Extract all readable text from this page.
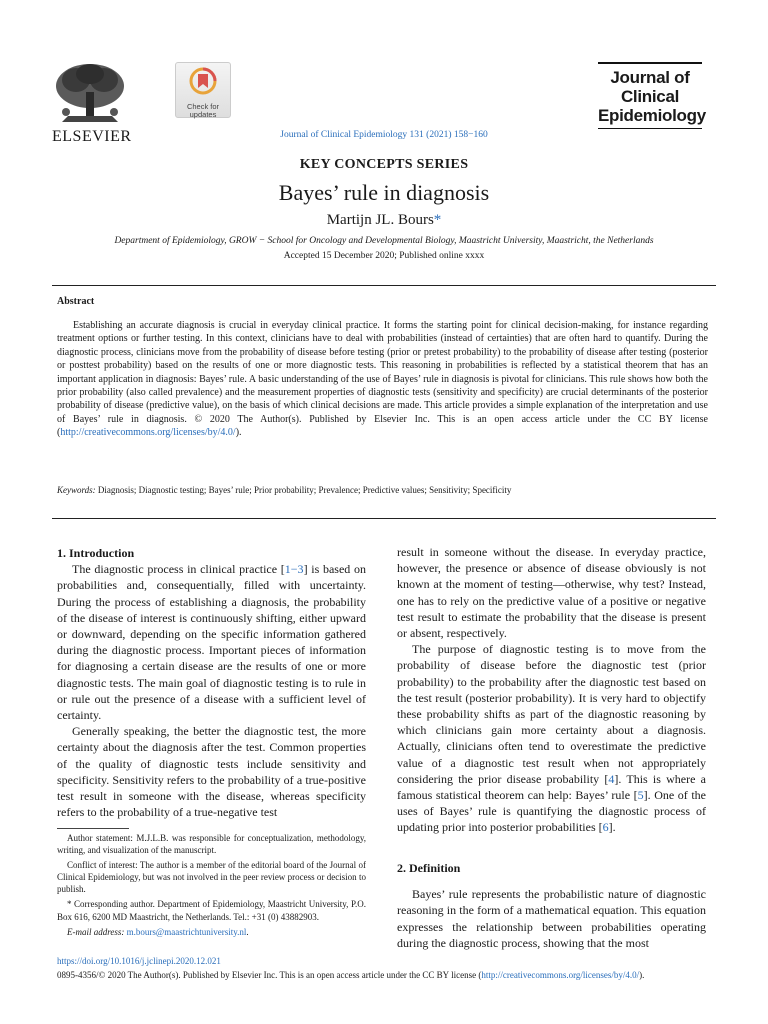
ELSEVIER
Check for
updates
Journal of Clinical Epidemiology 131 (2021) 158−160
Journal of
Clinical
Epidemiology
KEY CONCEPTS SERIES
Bayes’ rule in diagnosis
Martijn JL. Bours*
Department of Epidemiology, GROW − School for Oncology and Developmental Biology, Maastricht University, Maastricht, the Netherlands
Accepted 15 December 2020; Published online xxxx
Abstract
Establishing an accurate diagnosis is crucial in everyday clinical practice. It forms the starting point for clinical decision-making, for instance regarding treatment options or further testing. In this context, clinicians have to deal with probabilities (instead of certainties) that are often hard to quantify. During the diagnostic process, clinicians move from the probability of disease before testing (prior or pretest probability) to the probability of disease after testing (posterior or posttest probability) based on the results of one or more diagnostic tests. This reasoning in probabilities is reflected by a statistical theorem that has an important application in diagnosis: Bayes’ rule. A basic understanding of the use of Bayes’ rule in diagnosis is pivotal for clinicians. This rule shows how both the prior probability (also called prevalence) and the measurement properties of diagnostic tests (sensitivity and specificity) are crucial determinants of the posterior probability of disease (predictive value), on the basis of which clinical decisions are made. This article provides a simple explanation of the interpretation and use of Bayes’ rule in diagnosis. © 2020 The Author(s). Published by Elsevier Inc. This is an open access article under the CC BY license (http://creativecommons.org/licenses/by/4.0/).
Keywords: Diagnosis; Diagnostic testing; Bayes’ rule; Prior probability; Prevalence; Predictive values; Sensitivity; Specificity

1. Introduction

The diagnostic process in clinical practice [1−3] is based on probabilities and, consequentially, filled with uncertainty. During the process of establishing a diagnosis, the probability of the disease of interest is continuously shifting, either upward or downward, depending on the specific information gathered during the diagnostic process. Important pieces of information for diagnosing a certain disease are the results of one or more diagnostic tests. The main goal of diagnostic testing is to rule in or rule out the presence of a disease with a sufficient level of certainty.

Generally speaking, the better the diagnostic test, the more certainty about the diagnosis after the test. Common properties of the quality of diagnostic tests include sensitivity and specificity. Sensitivity refers to the probability of a true-positive test result in someone with the disease, whereas specificity refers to the probability of a true-negative test

Author statement: M.J.L.B. was responsible for conceptualization, methodology, writing, and visualization of the manuscript.

Conflict of interest: The author is a member of the editorial board of the Journal of Clinical Epidemiology, but was not involved in the peer review process or decision to publish.

* Corresponding author. Department of Epidemiology, Maastricht University, P.O. Box 616, 6200 MD Maastricht, the Netherlands. Tel.: +31 (0) 43882903.

E-mail address: m.bours@maastrichtuniversity.nl.

result in someone without the disease. In everyday practice, however, the presence or absence of disease obviously is not known at the moment of testing—otherwise, why test? Instead, one has to rely on the predictive value of a positive or negative test result to estimate the probability that the disease is present or absent, respectively.

The purpose of diagnostic testing is to move from the probability of disease before the diagnostic test (prior probability) to the probability after the diagnostic test based on the test result (posterior probability). It is very hard to objectify these probability shifts as part of the diagnostic reasoning by which clinicians gain more certainty about a diagnosis. Actually, clinicians often tend to overestimate the predictive value of a diagnostic test result when not appropriately considering the prior disease probability [4]. This is where a famous statistical theorem can help: Bayes’ rule [5]. One of the uses of Bayes’ rule is quantifying the diagnostic process of updating prior into posterior probabilities [6].

2. Definition

Bayes’ rule represents the probabilistic nature of diagnostic reasoning in the form of a mathematical equation. This equation expresses the relationship between probabilities operating during the diagnostic process, showing that the most

https://doi.org/10.1016/j.jclinepi.2020.12.021
0895-4356/© 2020 The Author(s). Published by Elsevier Inc. This is an open access article under the CC BY license (http://creativecommons.org/licenses/by/4.0/).
